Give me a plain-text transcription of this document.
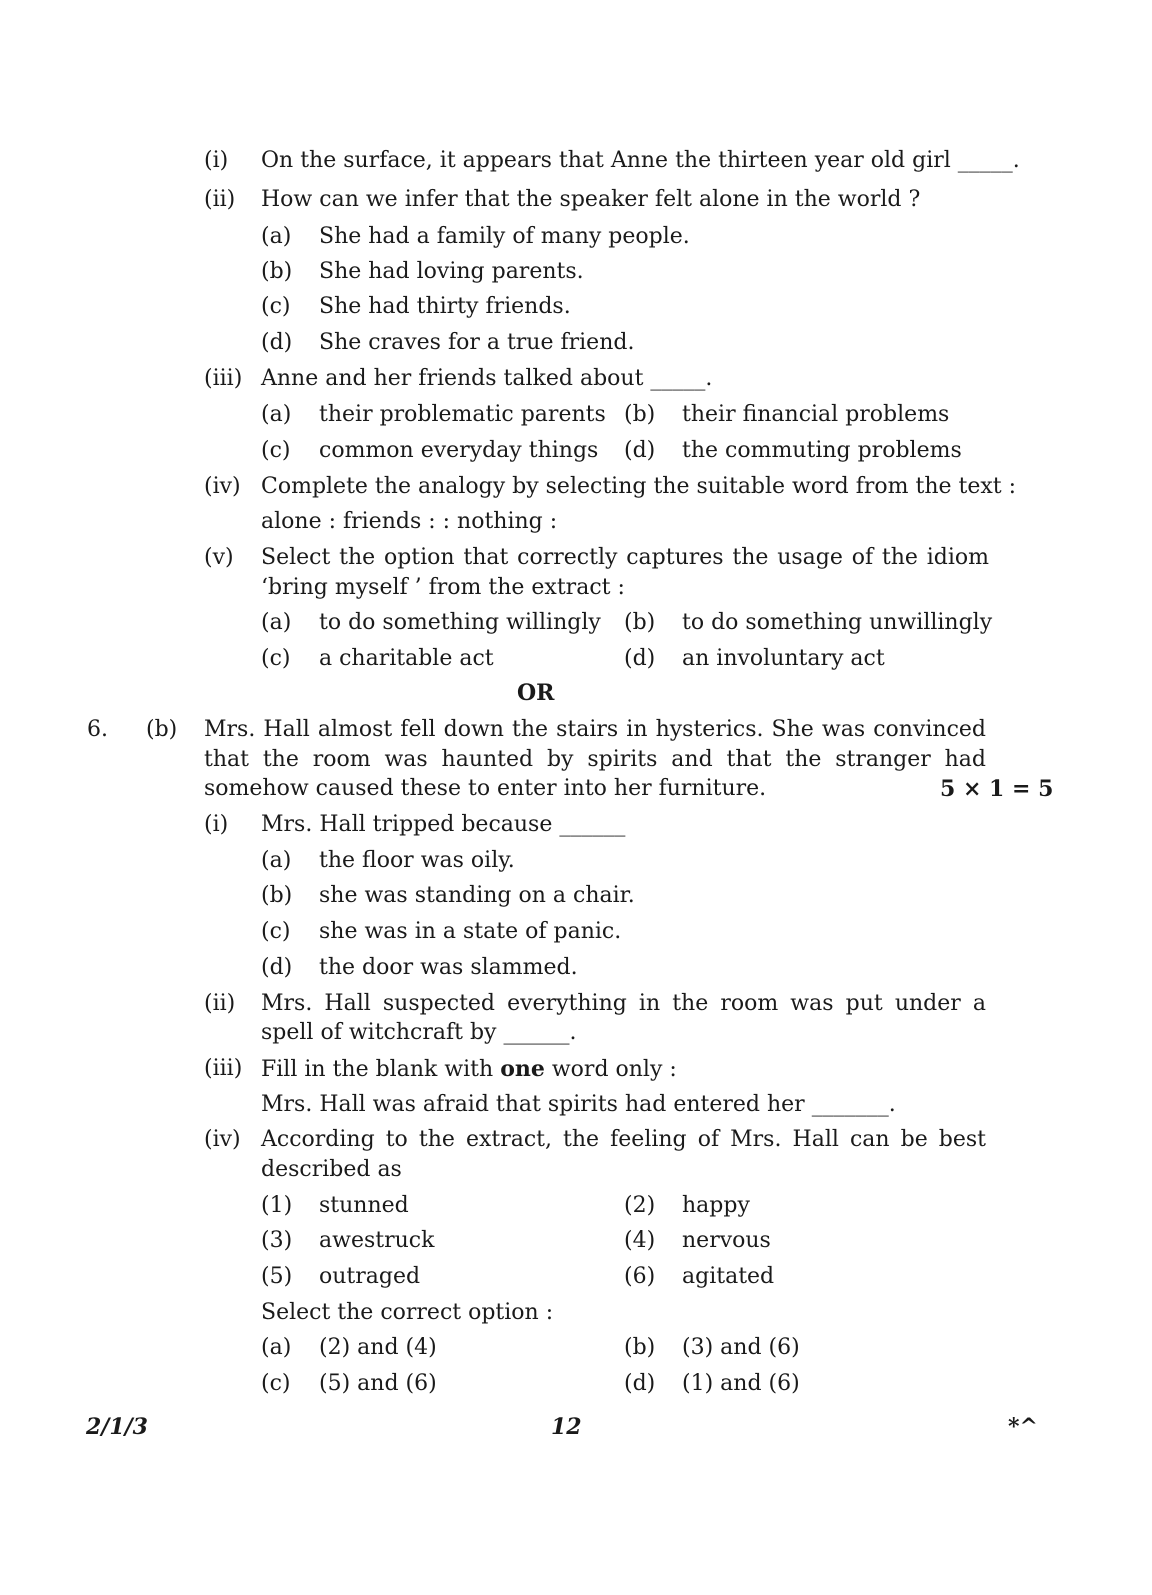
(i) On the surface, it appears that Anne the thirteen year old girl _____.
(ii) How can we infer that the speaker felt alone in the world ?
(a) She had a family of many people.
(b) She had loving parents.
(c) She had thirty friends.
(d) She craves for a true friend.
(iii) Anne and her friends talked about _____.
(a) their problematic parents (b) their financial problems
(c) common everyday things (d) the commuting problems
(iv) Complete the analogy by selecting the suitable word from the text :
alone : friends : : nothing :
(v) Select the option that correctly captures the usage of the idiom
‘bring myself ’ from the extract :
(a) to do something willingly (b) to do something unwillingly
(c) a charitable act	(d) an involuntary act
OR
6. (b) Mrs. Hall almost fell down the stairs in hysterics. She was convinced
that the room was haunted by spirits and that the stranger had
somehow caused these to enter into her furniture.	5 × 1 = 5
(i) Mrs. Hall tripped because ______
(a) the floor was oily.
(b) she was standing on a chair.
(c) she was in a state of panic.
(d) the door was slammed.
(ii) Mrs. Hall suspected everything in the room was put under a
spell of witchcraft by ______.
(iii) Fill in the blank with one word only :
Mrs. Hall was afraid that spirits had entered her _______.
(iv) According to the extract, the feeling of Mrs. Hall can be best
described as
(1) stunned	(2) happy
(3) awestruck	(4) nervous
(5) outraged	(6) agitated
Select the correct option :
(a) (2) and (4)	(b) (3) and (6)
(c) (5) and (6)	(d) (1) and (6)
2/1/3	12	*^
